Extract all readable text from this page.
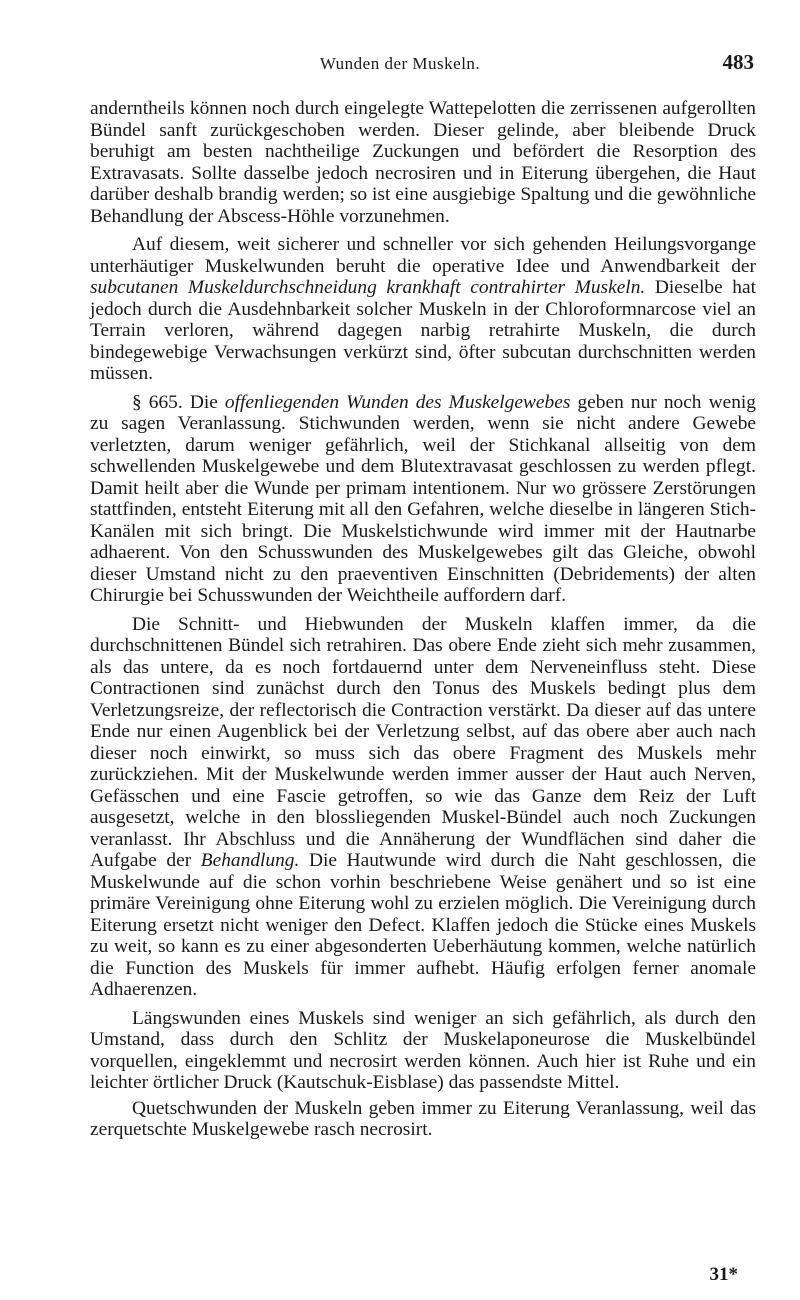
Wunden der Muskeln.	483

anderntheils können noch durch eingelegte Wattepelotten die zerrissenen aufgerollten Bündel sanft zurückgeschoben werden. Dieser gelinde, aber bleibende Druck beruhigt am besten nachtheilige Zuckungen und befördert die Resorption des Extravasats. Sollte dasselbe jedoch necrosiren und in Eiterung übergehen, die Haut darüber deshalb brandig werden; so ist eine ausgiebige Spaltung und die gewöhnliche Behandlung der Abscess-Höhle vorzunehmen.

Auf diesem, weit sicherer und schneller vor sich gehenden Heilungsvorgange unterhäutiger Muskelwunden beruht die operative Idee und Anwendbarkeit der subcutanen Muskeldurchschneidung krankhaft contrahirter Muskeln. Dieselbe hat jedoch durch die Ausdehnbarkeit solcher Muskeln in der Chloroformnarcose viel an Terrain verloren, während dagegen narbig retrahirte Muskeln, die durch bindegewebige Verwachsungen verkürzt sind, öfter subcutan durchschnitten werden müssen.

§ 665. Die offenliegenden Wunden des Muskelgewebes geben nur noch wenig zu sagen Veranlassung. Stichwunden werden, wenn sie nicht andere Gewebe verletzten, darum weniger gefährlich, weil der Stichkanal allseitig von dem schwellenden Muskelgewebe und dem Blutextravasat geschlossen zu werden pflegt. Damit heilt aber die Wunde per primam intentionem. Nur wo grössere Zerstörungen stattfinden, entsteht Eiterung mit all den Gefahren, welche dieselbe in längeren Stich-Kanälen mit sich bringt. Die Muskelstichwunde wird immer mit der Hautnarbe adhaerent. Von den Schusswunden des Muskelgewebes gilt das Gleiche, obwohl dieser Umstand nicht zu den praeventiven Einschnitten (Debridements) der alten Chirurgie bei Schusswunden der Weichtheile auffordern darf.

Die Schnitt- und Hiebwunden der Muskeln klaffen immer, da die durchschnittenen Bündel sich retrahiren. Das obere Ende zieht sich mehr zusammen, als das untere, da es noch fortdauernd unter dem Nerveneinfluss steht. Diese Contractionen sind zunächst durch den Tonus des Muskels bedingt plus dem Verletzungsreize, der reflectorisch die Contraction verstärkt. Da dieser auf das untere Ende nur einen Augenblick bei der Verletzung selbst, auf das obere aber auch nach dieser noch einwirkt, so muss sich das obere Fragment des Muskels mehr zurückziehen. Mit der Muskelwunde werden immer ausser der Haut auch Nerven, Gefässchen und eine Fascie getroffen, so wie das Ganze dem Reiz der Luft ausgesetzt, welche in den blossliegenden Muskel-Bündel auch noch Zuckungen veranlasst. Ihr Abschluss und die Annäherung der Wundflächen sind daher die Aufgabe der Behandlung. Die Hautwunde wird durch die Naht geschlossen, die Muskelwunde auf die schon vorhin beschriebene Weise genähert und so ist eine primäre Vereinigung ohne Eiterung wohl zu erzielen möglich. Die Vereinigung durch Eiterung ersetzt nicht weniger den Defect. Klaffen jedoch die Stücke eines Muskels zu weit, so kann es zu einer abgesonderten Ueberhäutung kommen, welche natürlich die Function des Muskels für immer aufhebt. Häufig erfolgen ferner anomale Adhaerenzen.

Längswunden eines Muskels sind weniger an sich gefährlich, als durch den Umstand, dass durch den Schlitz der Muskelaponeurose die Muskelbündel vorquellen, eingeklemmt und necrosirt werden können. Auch hier ist Ruhe und ein leichter örtlicher Druck (Kautschuk-Eisblase) das passendste Mittel.

Quetschwunden der Muskeln geben immer zu Eiterung Veranlassung, weil das zerquetschte Muskelgewebe rasch necrosirt.

31*
